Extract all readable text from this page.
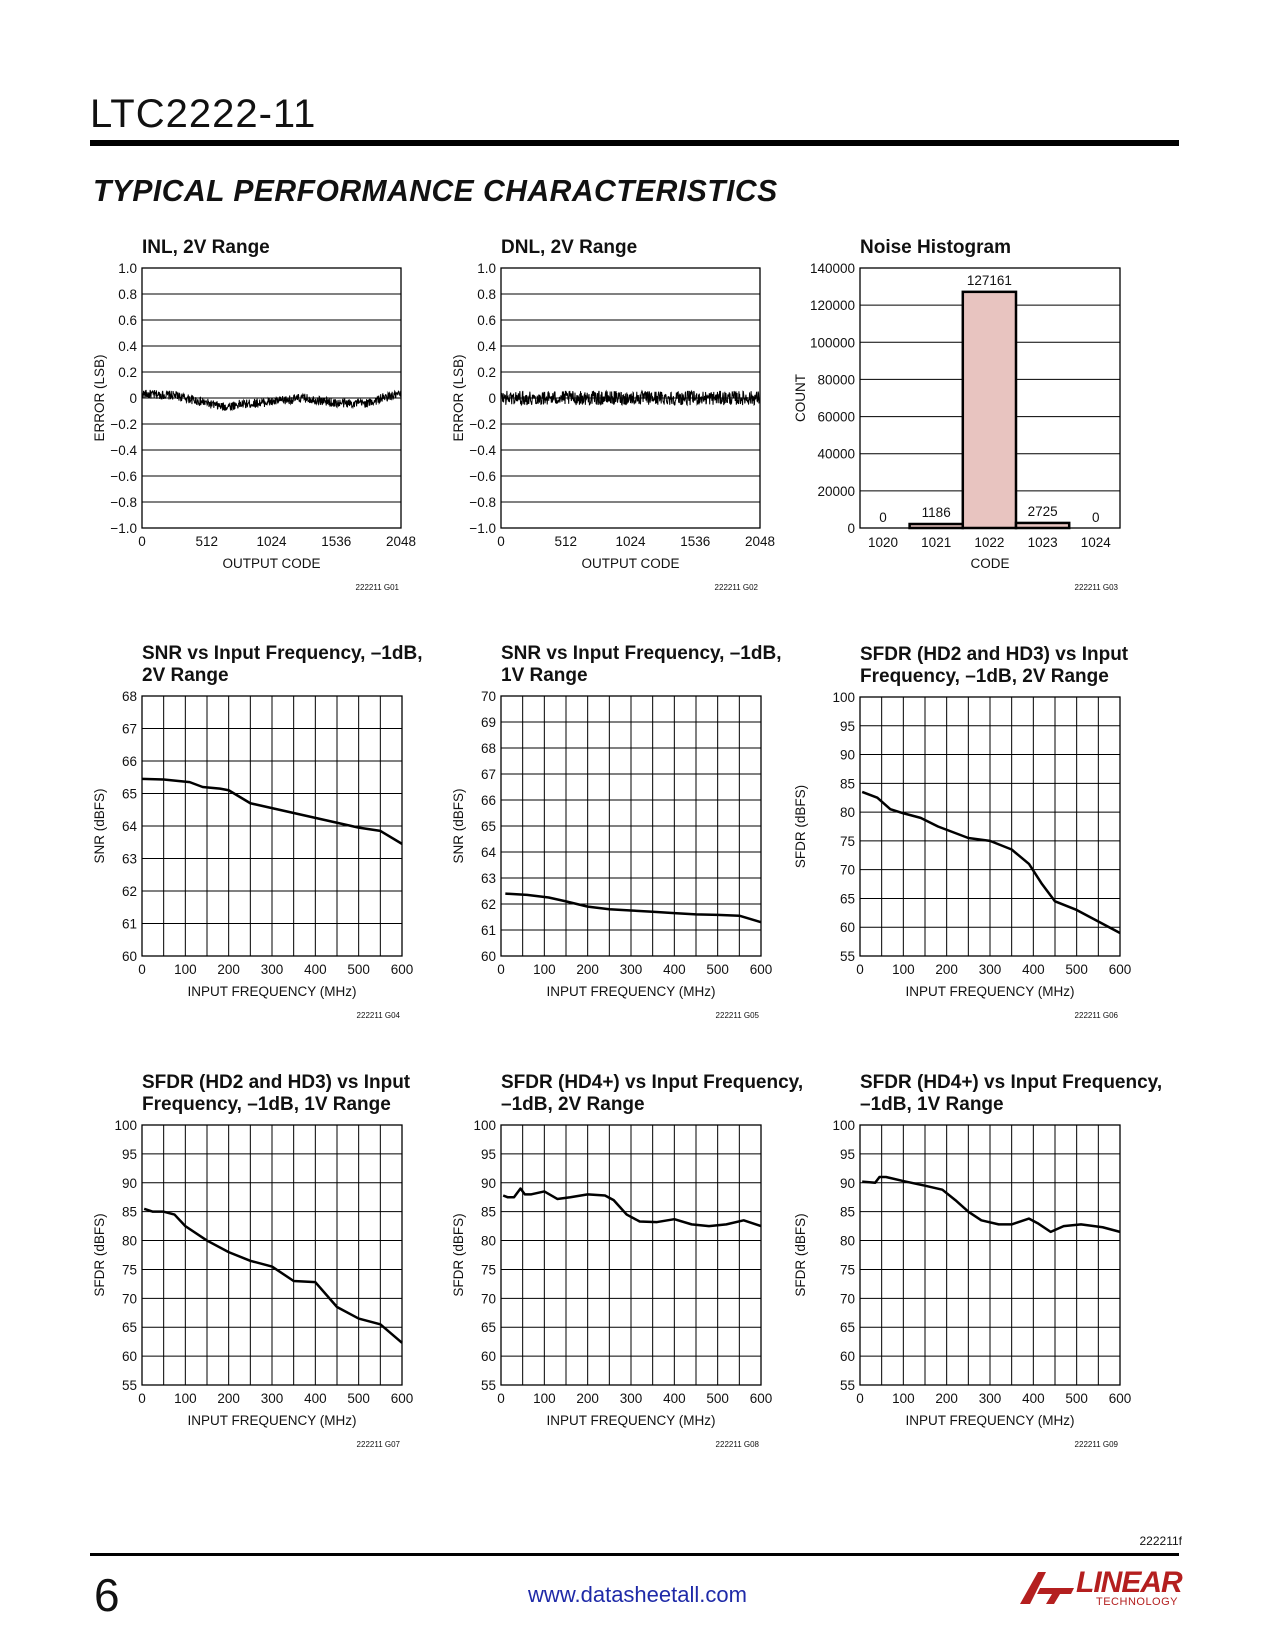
LTC2222-11
TYPICAL PERFORMANCE CHARACTERISTICS
INL, 2V Range
−1.0
−0.8
−0.6
−0.4
−0.2
0
0.2
0.4
0.6
0.8
1.0
0	512	1024	1536	2048
OUTPUT CODE
ERROR (LSB)
222211 G01
DNL, 2V Range
−1.0
−0.8
−0.6
−0.4
−0.2
0
0.2
0.4
0.6
0.8
1.0
0	512	1024	1536	2048
OUTPUT CODE
ERROR (LSB)
222211 G02
Noise Histogram
0
20000
40000
60000
80000
100000
120000
140000
1020 1021 1022 1023 1024
0	1186
127161
2725	0
CODE
COUNT
222211 G03
SNR vs Input Frequency, –1dB,
2V Range
60
61
62
63
64
65
66
67
68
0 100 200 300 400 500 600
INPUT FREQUENCY (MHz)
SNR (dBFS)
222211 G04
SNR vs Input Frequency, –1dB,
1V Range
60
61
62
63
64
65
66
67
68
69
70
0 100 200 300 400 500 600
INPUT FREQUENCY (MHz)
SNR (dBFS)
222211 G05
SFDR (HD2 and HD3) vs Input
Frequency, –1dB, 2V Range
55
60
65
70
75
80
85
90
95
100
0 100 200 300 400 500 600
INPUT FREQUENCY (MHz)
SFDR (dBFS)
222211 G06
SFDR (HD2 and HD3) vs Input
Frequency, –1dB, 1V Range
55
60
65
70
75
80
85
90
95
100
0 100 200 300 400 500 600
INPUT FREQUENCY (MHz)
SFDR (dBFS)
222211 G07
SFDR (HD4+) vs Input Frequency,
–1dB, 2V Range
55
60
65
70
75
80
85
90
95
100
0 100 200 300 400 500 600
INPUT FREQUENCY (MHz)
SFDR (dBFS)
222211 G08
SFDR (HD4+) vs Input Frequency,
–1dB, 1V Range
55
60
65
70
75
80
85
90
95
100
0 100 200 300 400 500 600
INPUT FREQUENCY (MHz)
SFDR (dBFS)
222211 G09
222211f
6	www.datasheetall.com	LINEAR
TECHNOLOGY
